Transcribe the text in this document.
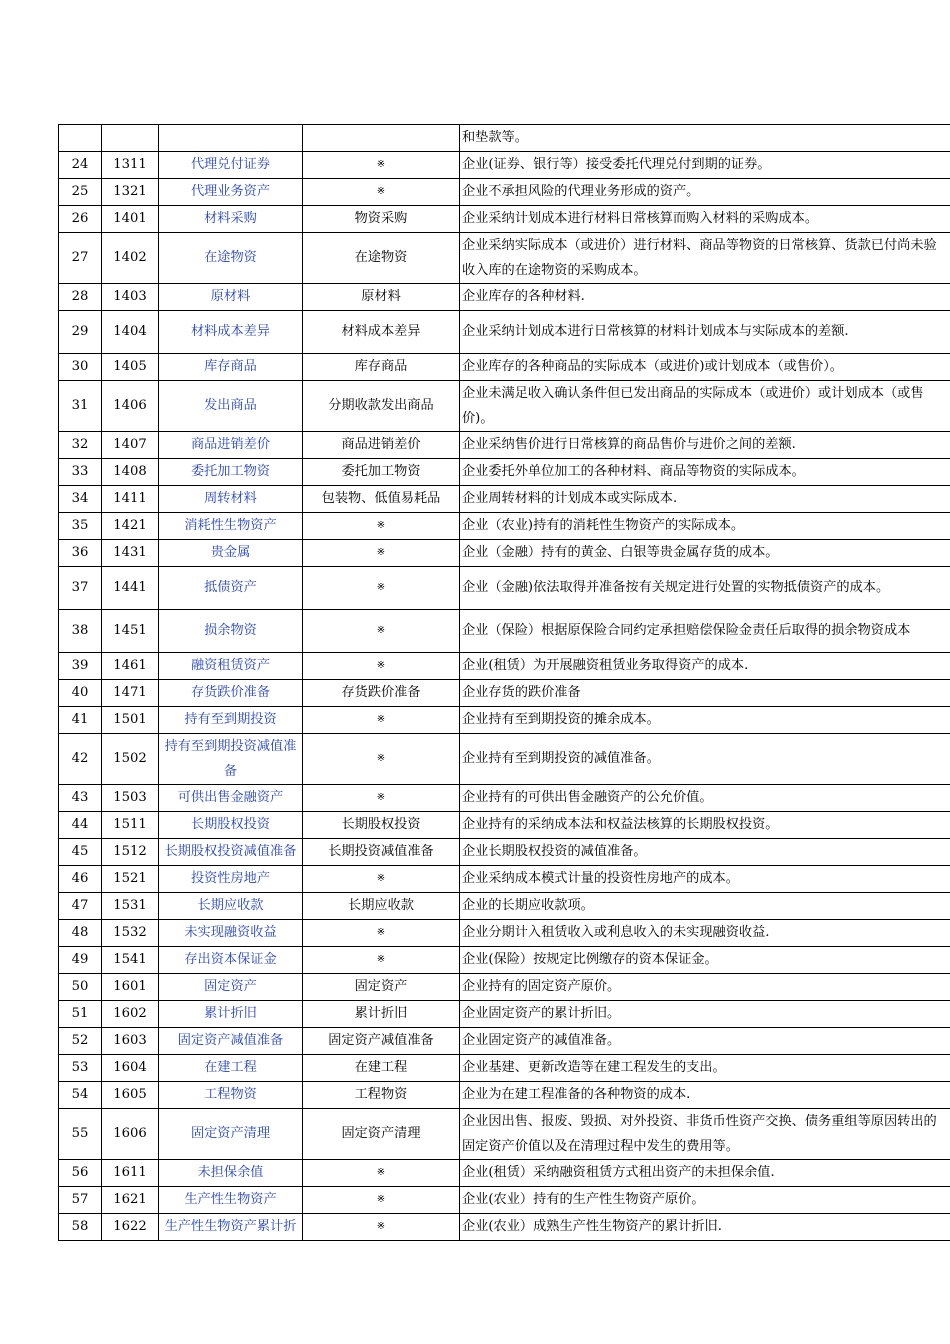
				和垫款等。
24	1311	代理兑付证券	※	企业(证券、银行等）接受委托代理兑付到期的证券。
25	1321	代理业务资产	※	企业不承担风险的代理业务形成的资产。
26	1401	材料采购	物资采购	企业采纳计划成本进行材料日常核算而购入材料的采购成本。
27	1402	在途物资	在途物资	企业采纳实际成本（或进价）进行材料、商品等物资的日常核算、货款已付尚未验收入库的在途物资的采购成本。
28	1403	原材料	原材料	企业库存的各种材料.
29	1404	材料成本差异	材料成本差异	企业采纳计划成本进行日常核算的材料计划成本与实际成本的差额.
30	1405	库存商品	库存商品	企业库存的各种商品的实际成本（或进价)或计划成本（或售价）。
31	1406	发出商品	分期收款发出商品	企业未满足收入确认条件但已发出商品的实际成本（或进价）或计划成本（或售价)。
32	1407	商品进销差价	商品进销差价	企业采纳售价进行日常核算的商品售价与进价之间的差额.
33	1408	委托加工物资	委托加工物资	企业委托外单位加工的各种材料、商品等物资的实际成本。
34	1411	周转材料	包装物、低值易耗品	企业周转材料的计划成本或实际成本.
35	1421	消耗性生物资产	※	企业（农业)持有的消耗性生物资产的实际成本。
36	1431	贵金属	※	企业（金融）持有的黄金、白银等贵金属存货的成本。
37	1441	抵债资产	※	企业（金融)依法取得并准备按有关规定进行处置的实物抵债资产的成本。
38	1451	损余物资	※	企业（保险）根据原保险合同约定承担赔偿保险金责任后取得的损余物资成本
39	1461	融资租赁资产	※	企业(租赁）为开展融资租赁业务取得资产的成本.
40	1471	存货跌价准备	存货跌价准备	企业存货的跌价准备
41	1501	持有至到期投资	※	企业持有至到期投资的摊余成本。
42	1502	持有至到期投资减值准备	※	企业持有至到期投资的减值准备。
43	1503	可供出售金融资产	※	企业持有的可供出售金融资产的公允价值。
44	1511	长期股权投资	长期股权投资	企业持有的采纳成本法和权益法核算的长期股权投资。
45	1512	长期股权投资减值准备	长期投资减值准备	企业长期股权投资的减值准备。
46	1521	投资性房地产	※	企业采纳成本模式计量的投资性房地产的成本。
47	1531	长期应收款	长期应收款	企业的长期应收款项。
48	1532	未实现融资收益	※	企业分期计入租赁收入或利息收入的未实现融资收益.
49	1541	存出资本保证金	※	企业(保险）按规定比例缴存的资本保证金。
50	1601	固定资产	固定资产	企业持有的固定资产原价。
51	1602	累计折旧	累计折旧	企业固定资产的累计折旧。
52	1603	固定资产减值准备	固定资产减值准备	企业固定资产的减值准备。
53	1604	在建工程	在建工程	企业基建、更新改造等在建工程发生的支出。
54	1605	工程物资	工程物资	企业为在建工程准备的各种物资的成本.
55	1606	固定资产清理	固定资产清理	企业因出售、报废、毁损、对外投资、非货币性资产交换、债务重组等原因转出的固定资产价值以及在清理过程中发生的费用等。
56	1611	未担保余值	※	企业(租赁）采纳融资租赁方式租出资产的未担保余值.
57	1621	生产性生物资产	※	企业(农业）持有的生产性生物资产原价。
58	1622	生产性生物资产累计折	※	企业(农业）成熟生产性生物资产的累计折旧.
